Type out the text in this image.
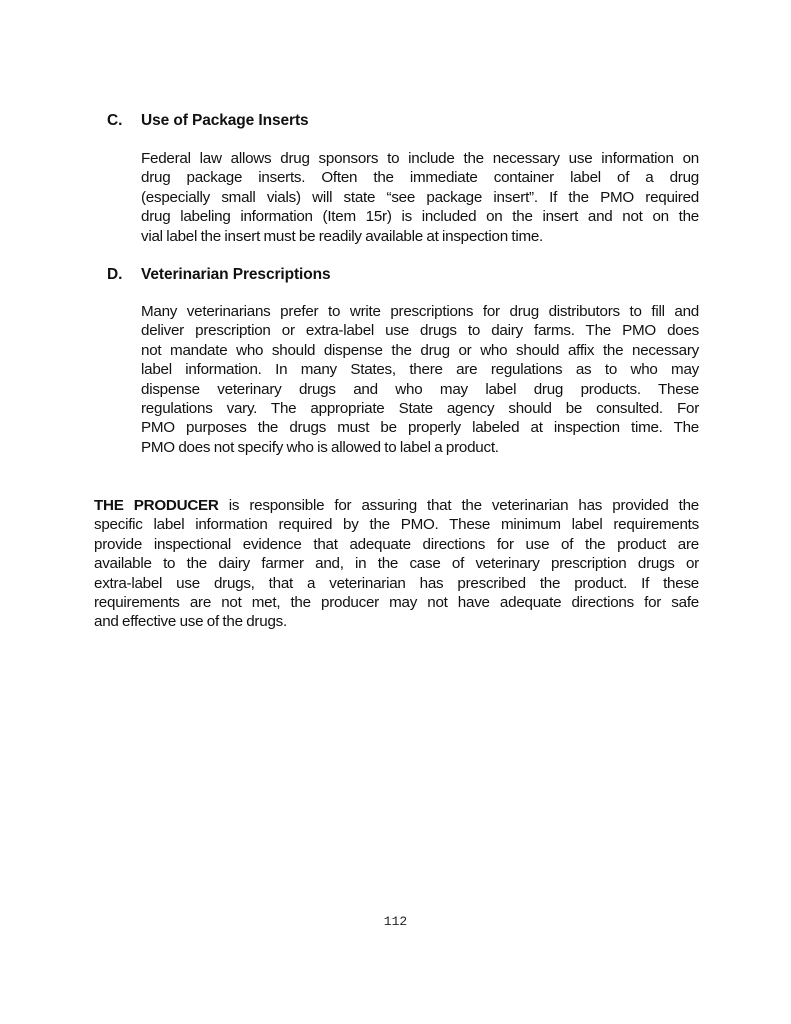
C. Use of Package Inserts
Federal law allows drug sponsors to include the necessary use information on
drug package inserts. Often the immediate container label of a drug
(especially small vials) will state “see package insert”. If the PMO required
drug labeling information (Item 15r) is included on the insert and not on the
vial label the insert must be readily available at inspection time.
D. Veterinarian Prescriptions
Many veterinarians prefer to write prescriptions for drug distributors to fill and
deliver prescription or extra-label use drugs to dairy farms. The PMO does
not mandate who should dispense the drug or who should affix the necessary
label information. In many States, there are regulations as to who may
dispense veterinary drugs and who may label drug products. These
regulations vary. The appropriate State agency should be consulted. For
PMO purposes the drugs must be properly labeled at inspection time. The
PMO does not specify who is allowed to label a product.
THE PRODUCER is responsible for assuring that the veterinarian has provided the
specific label information required by the PMO. These minimum label requirements
provide inspectional evidence that adequate directions for use of the product are
available to the dairy farmer and, in the case of veterinary prescription drugs or
extra-label use drugs, that a veterinarian has prescribed the product. If these
requirements are not met, the producer may not have adequate directions for safe
and effective use of the drugs.
112
